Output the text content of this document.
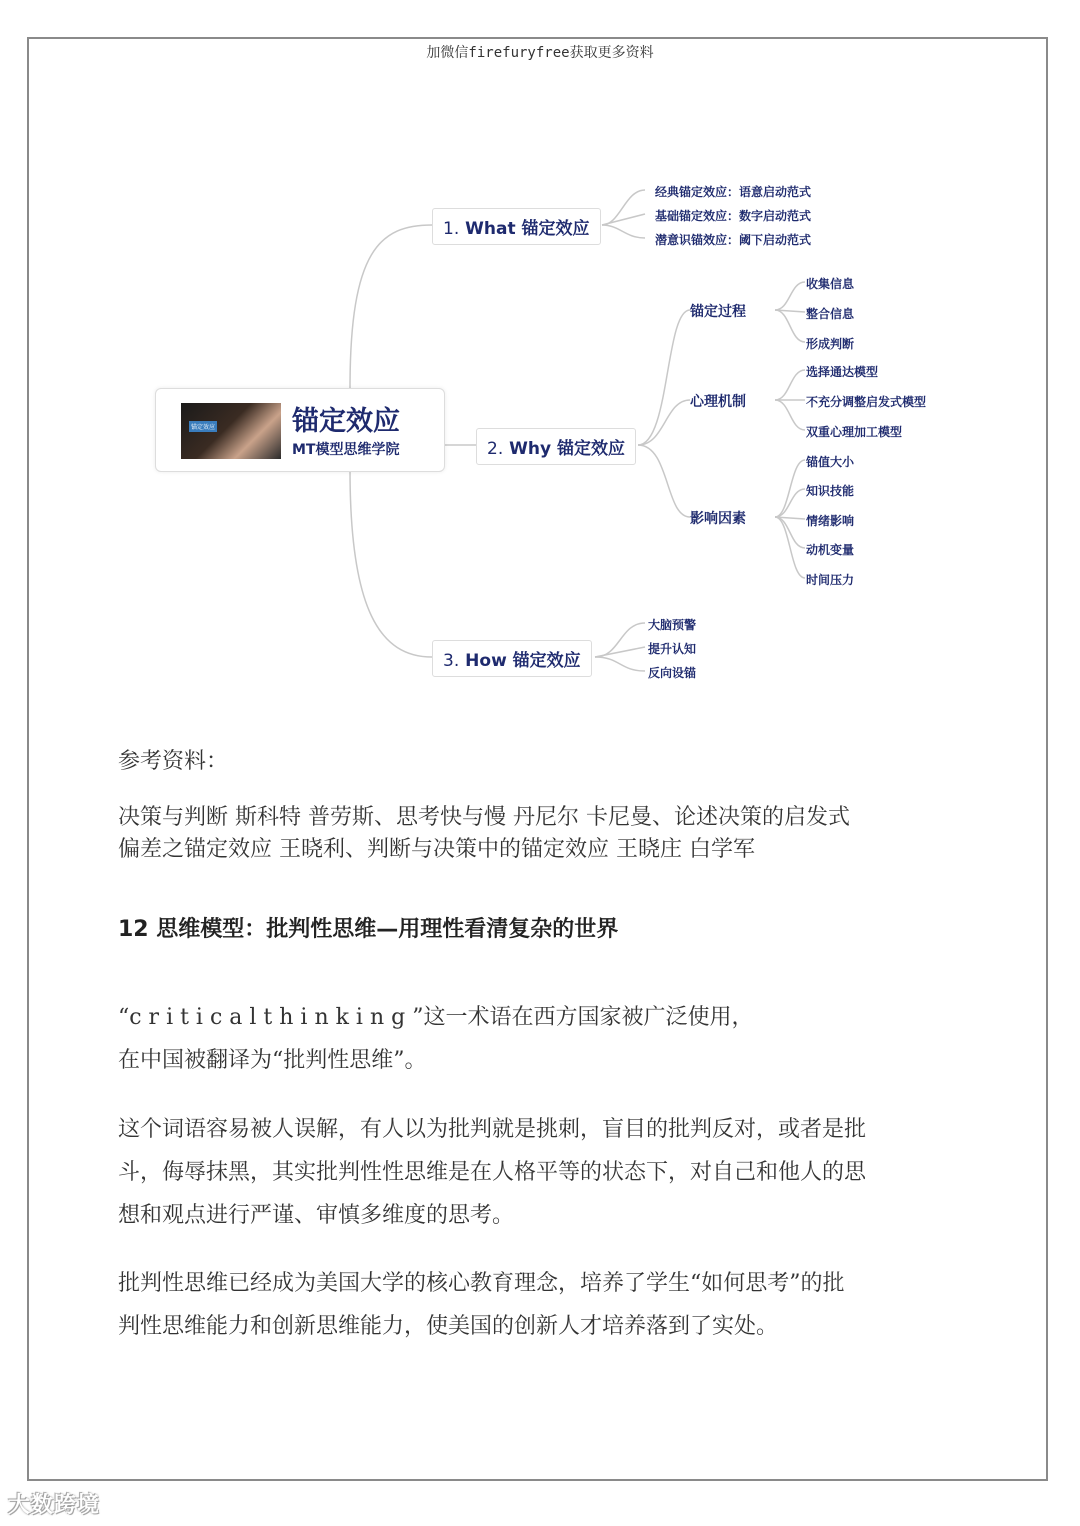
加微信firefuryfree获取更多资料
锚定效应	锚定效应
MT模型思维学院
1. What 锚定效应
经典锚定效应：语意启动范式
基础锚定效应：数字启动范式
潜意识锚效应：阈下启动范式
2. Why 锚定效应
锚定过程
心理机制
影响因素
收集信息
整合信息
形成判断
选择通达模型
不充分调整启发式模型
双重心理加工模型
锚值大小
知识技能
情绪影响
动机变量
时间压力
3. How 锚定效应
大脑预警
提升认知
反向设锚
参考资料：
决策与判断 斯科特 普劳斯、思考快与慢 丹尼尔 卡尼曼、论述决策的启发式
偏差之锚定效应 王晓利、判断与决策中的锚定效应 王晓庄 白学军
12 思维模型：批判性思维—用理性看清复杂的世界
“c r i t i c a l t h i n k i n g ”这一术语在西方国家被广泛使用，
在中国被翻译为“批判性思维”。
这个词语容易被人误解，有人以为批判就是挑刺，盲目的批判反对，或者是批
斗，侮辱抹黑，其实批判性性思维是在人格平等的状态下，对自己和他人的思
想和观点进行严谨、审慎多维度的思考。
批判性思维已经成为美国大学的核心教育理念，培养了学生“如何思考”的批
判性思维能力和创新思维能力，使美国的创新人才培养落到了实处。
大数跨境
